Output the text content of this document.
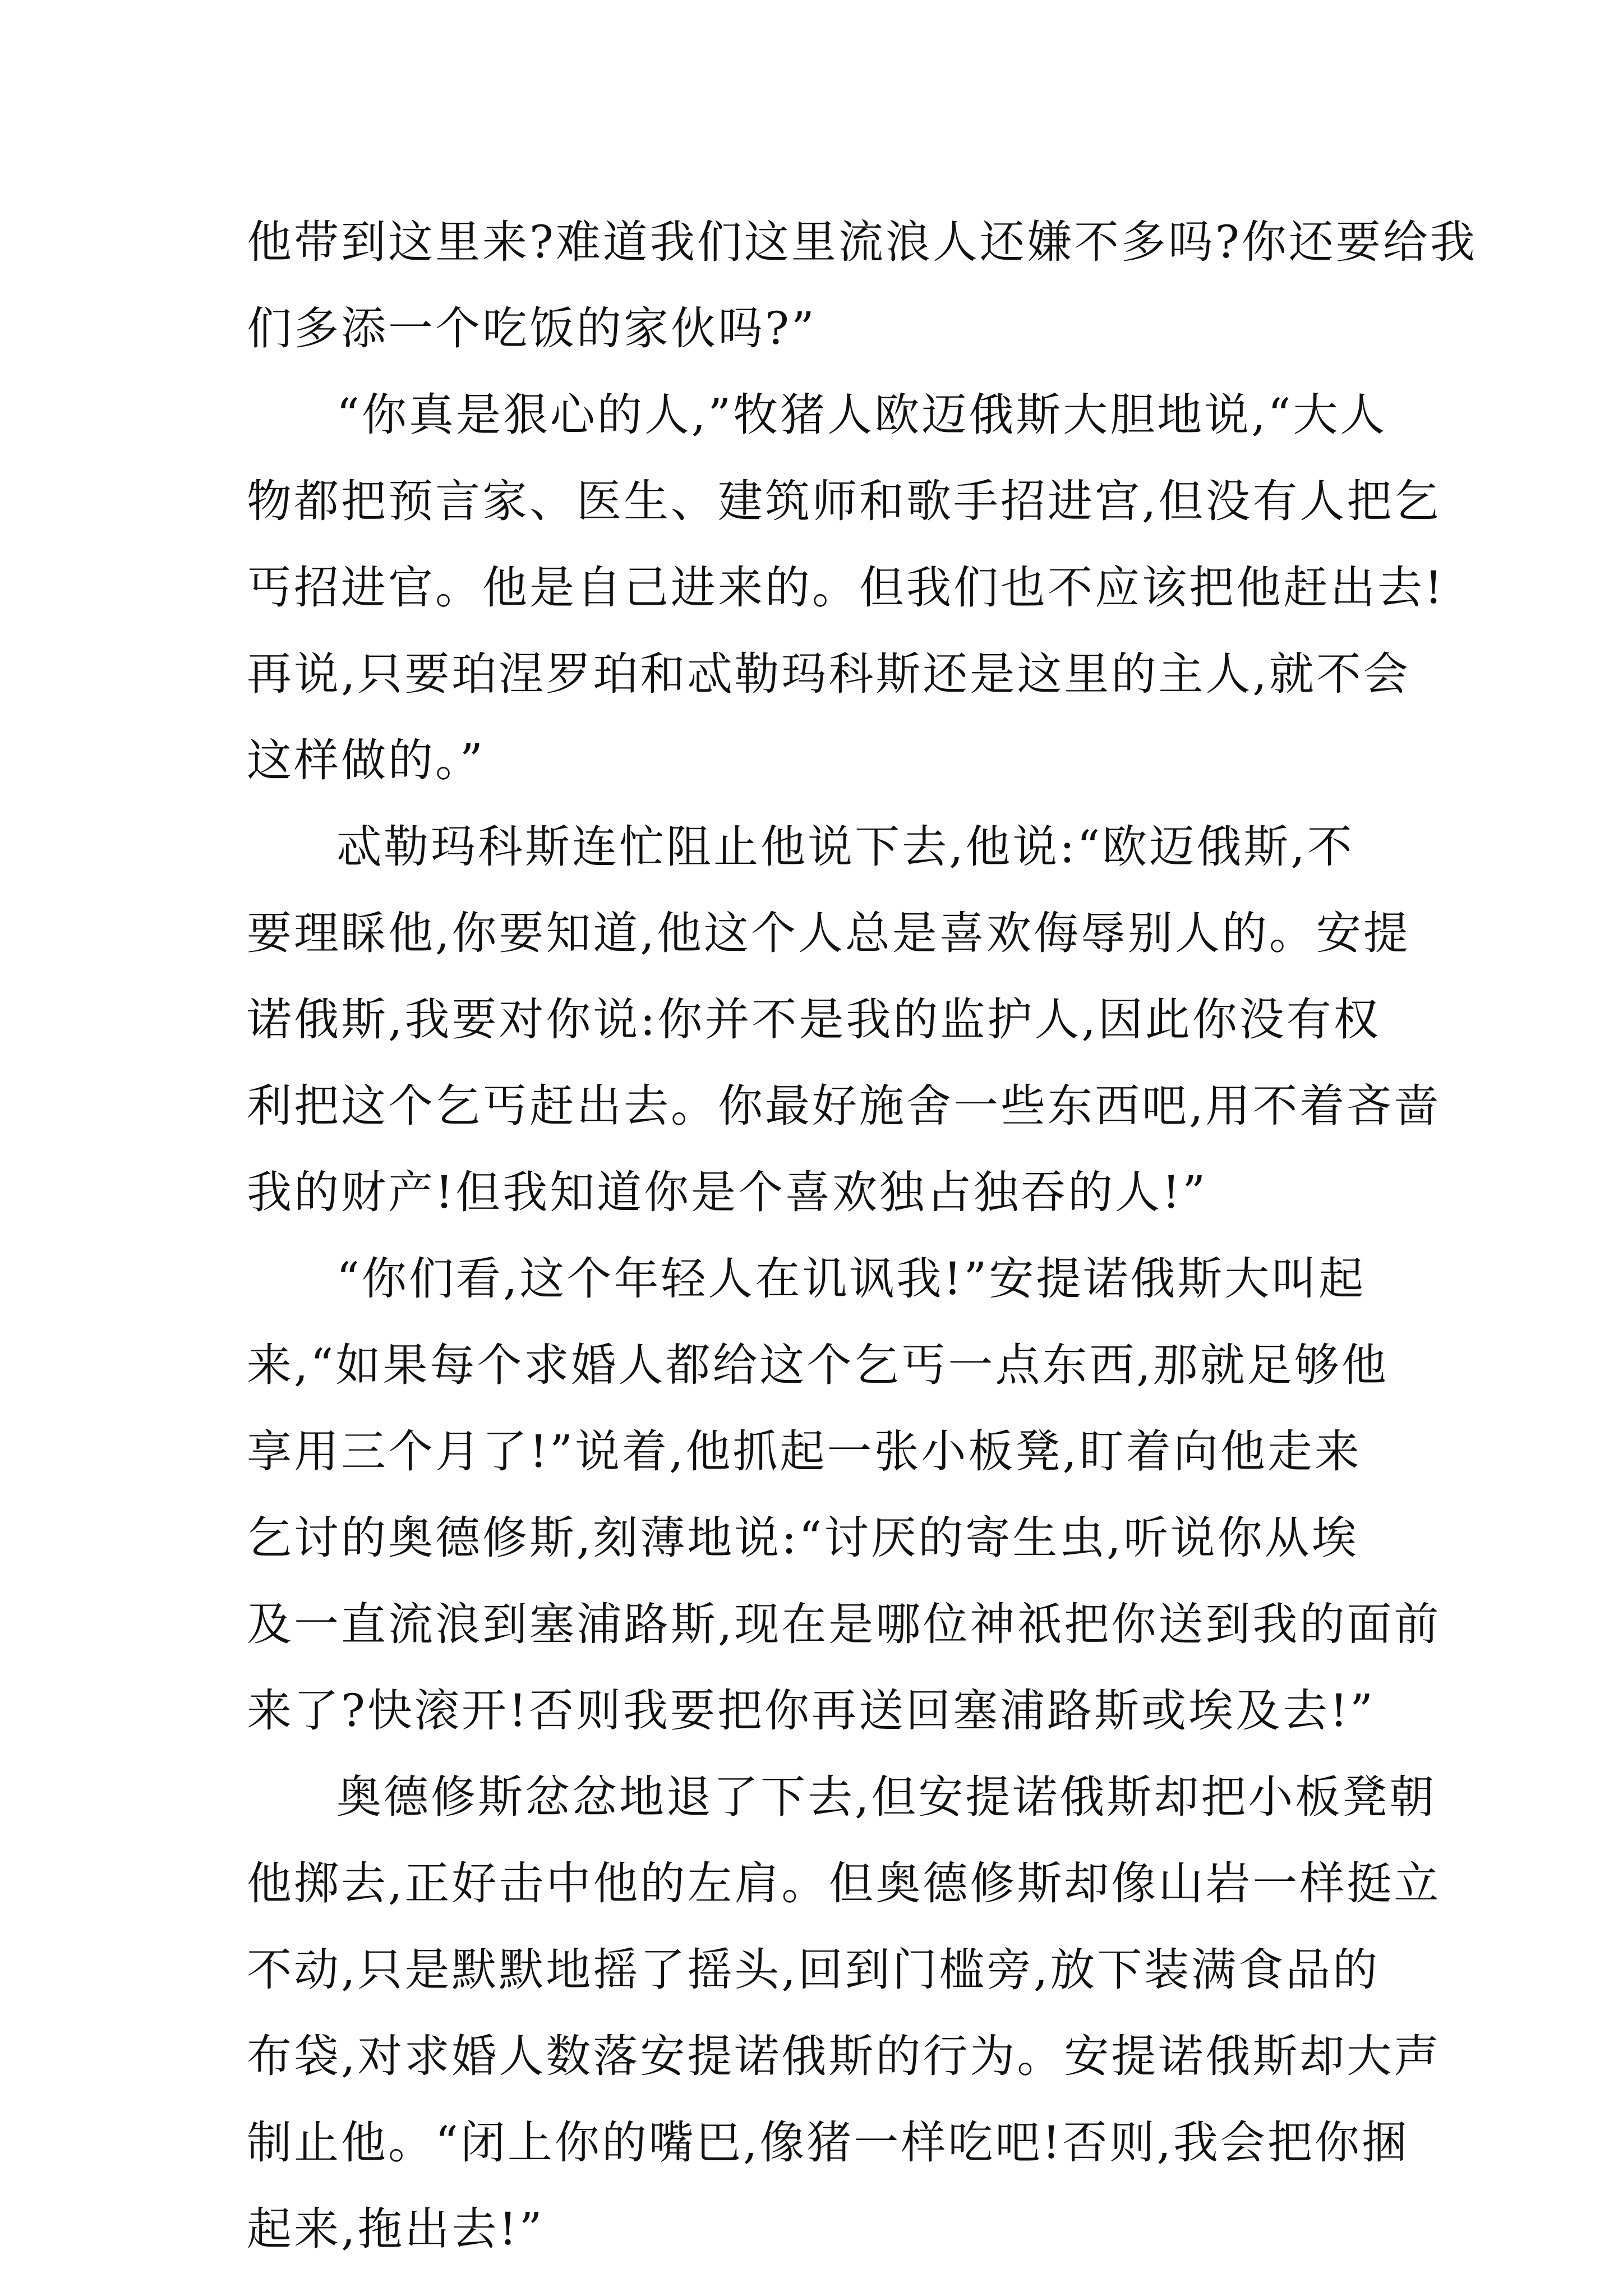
他带到这里来?难道我们这里流浪人还嫌不多吗?你还要给我
们多添一个吃饭的家伙吗?”
“你真是狠心的人,”牧猪人欧迈俄斯大胆地说,“大人
物都把预言家、医生、建筑师和歌手招进宫,但没有人把乞
丐招进官。他是自己进来的。但我们也不应该把他赶出去!
再说,只要珀涅罗珀和忒勒玛科斯还是这里的主人,就不会
这样做的。”
忒勒玛科斯连忙阻止他说下去,他说:“欧迈俄斯,不
要理睬他,你要知道,他这个人总是喜欢侮辱别人的。安提
诺俄斯,我要对你说:你并不是我的监护人,因此你没有权
利把这个乞丐赶出去。你最好施舍一些东西吧,用不着吝啬
我的财产!但我知道你是个喜欢独占独吞的人!”
“你们看,这个年轻人在讥讽我!”安提诺俄斯大叫起
来,“如果每个求婚人都给这个乞丐一点东西,那就足够他
享用三个月了!”说着,他抓起一张小板凳,盯着向他走来
乞讨的奥德修斯,刻薄地说:“讨厌的寄生虫,听说你从埃
及一直流浪到塞浦路斯,现在是哪位神祇把你送到我的面前
来了?快滚开!否则我要把你再送回塞浦路斯或埃及去!”
奥德修斯忿忿地退了下去,但安提诺俄斯却把小板凳朝
他掷去,正好击中他的左肩。但奥德修斯却像山岩一样挺立
不动,只是默默地摇了摇头,回到门槛旁,放下装满食品的
布袋,对求婚人数落安提诺俄斯的行为。安提诺俄斯却大声
制止他。“闭上你的嘴巴,像猪一样吃吧!否则,我会把你捆
起来,拖出去!”
